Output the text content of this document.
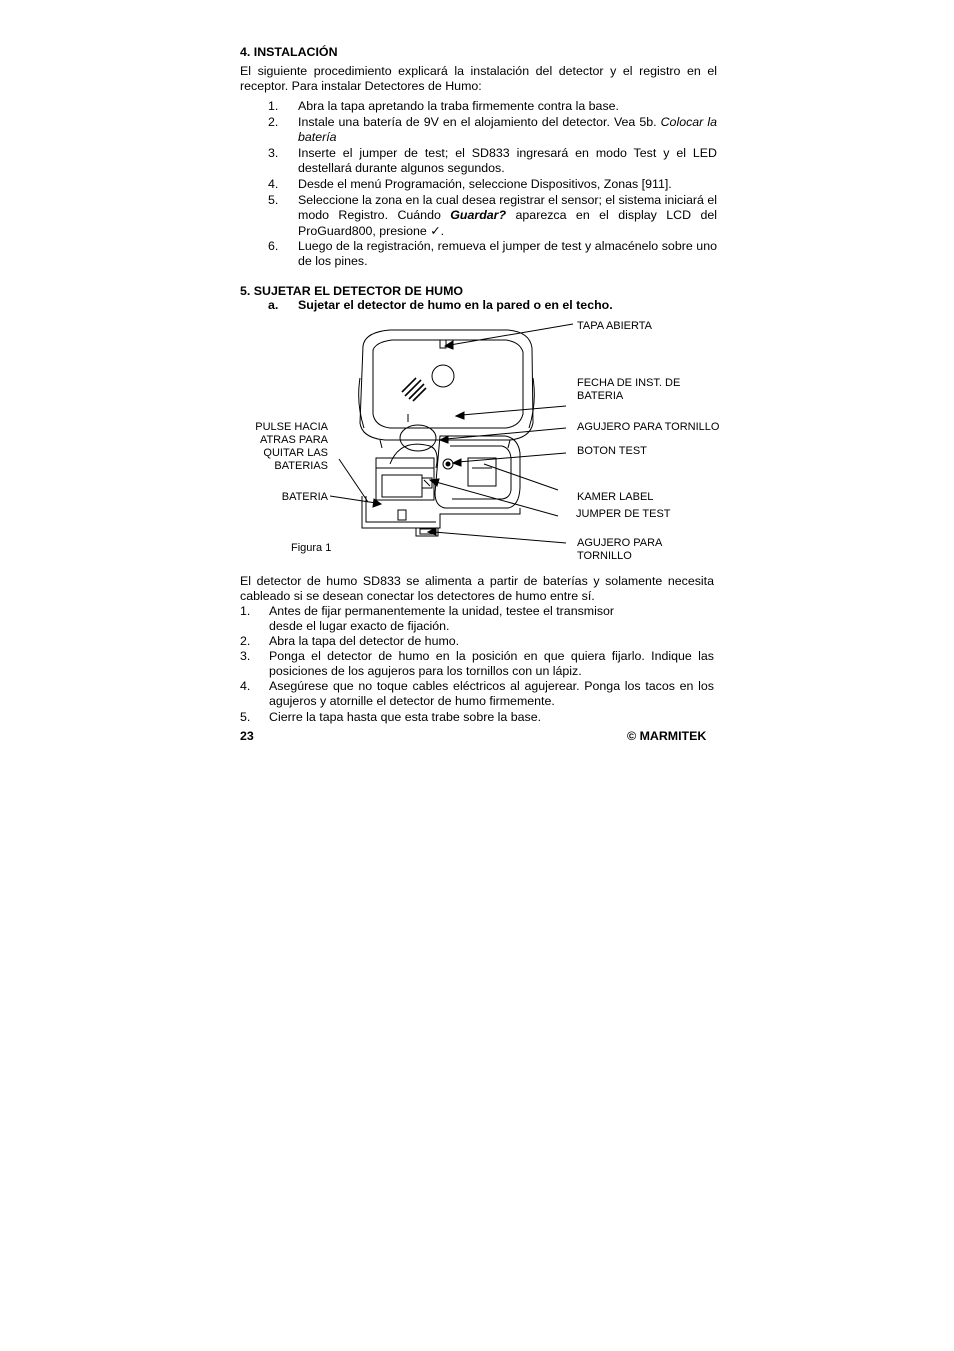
4. INSTALACIÓN
El siguiente procedimiento explicará la instalación del detector y el registro en el receptor. Para instalar Detectores de Humo:
1. Abra la tapa apretando la traba firmemente contra la base.
2. Instale una batería de 9V en el alojamiento del detector. Vea 5b. Colocar la batería
3. Inserte el jumper de test; el SD833 ingresará en modo Test y el LED destellará durante algunos segundos.
4. Desde el menú Programación, seleccione Dispositivos, Zonas [911].
5. Seleccione la zona en la cual desea registrar el sensor; el sistema iniciará el modo Registro. Cuándo Guardar? aparezca en el display LCD del ProGuard800, presione ✓.
6. Luego de la registración, remueva el jumper de test y almacénelo sobre uno de los pines.
5. SUJETAR EL DETECTOR DE HUMO
a. Sujetar el detector de humo en la pared o en el techo.
TAPA ABIERTA
FECHA DE INST. DE BATERIA
AGUJERO PARA TORNILLO
BOTON TEST
KAMER LABEL
JUMPER DE TEST
AGUJERO PARA TORNILLO
PULSE HACIA ATRAS PARA QUITAR LAS BATERIAS
BATERIA
Figura 1
El detector de humo SD833 se alimenta a partir de baterías y solamente necesita cableado si se desean conectar los detectores de humo entre sí.
1. Antes de fijar permanentemente la unidad, testee el transmisor
desde el lugar exacto de fijación.
2. Abra la tapa del detector de humo.
3. Ponga el detector de humo en la posición en que quiera fijarlo. Indique las posiciones de los agujeros para los tornillos con un lápiz.
4. Asegúrese que no toque cables eléctricos al agujerear. Ponga los tacos en los agujeros y atornille el detector de humo firmemente.
5. Cierre la tapa hasta que esta trabe sobre la base.
23	© MARMITEK
